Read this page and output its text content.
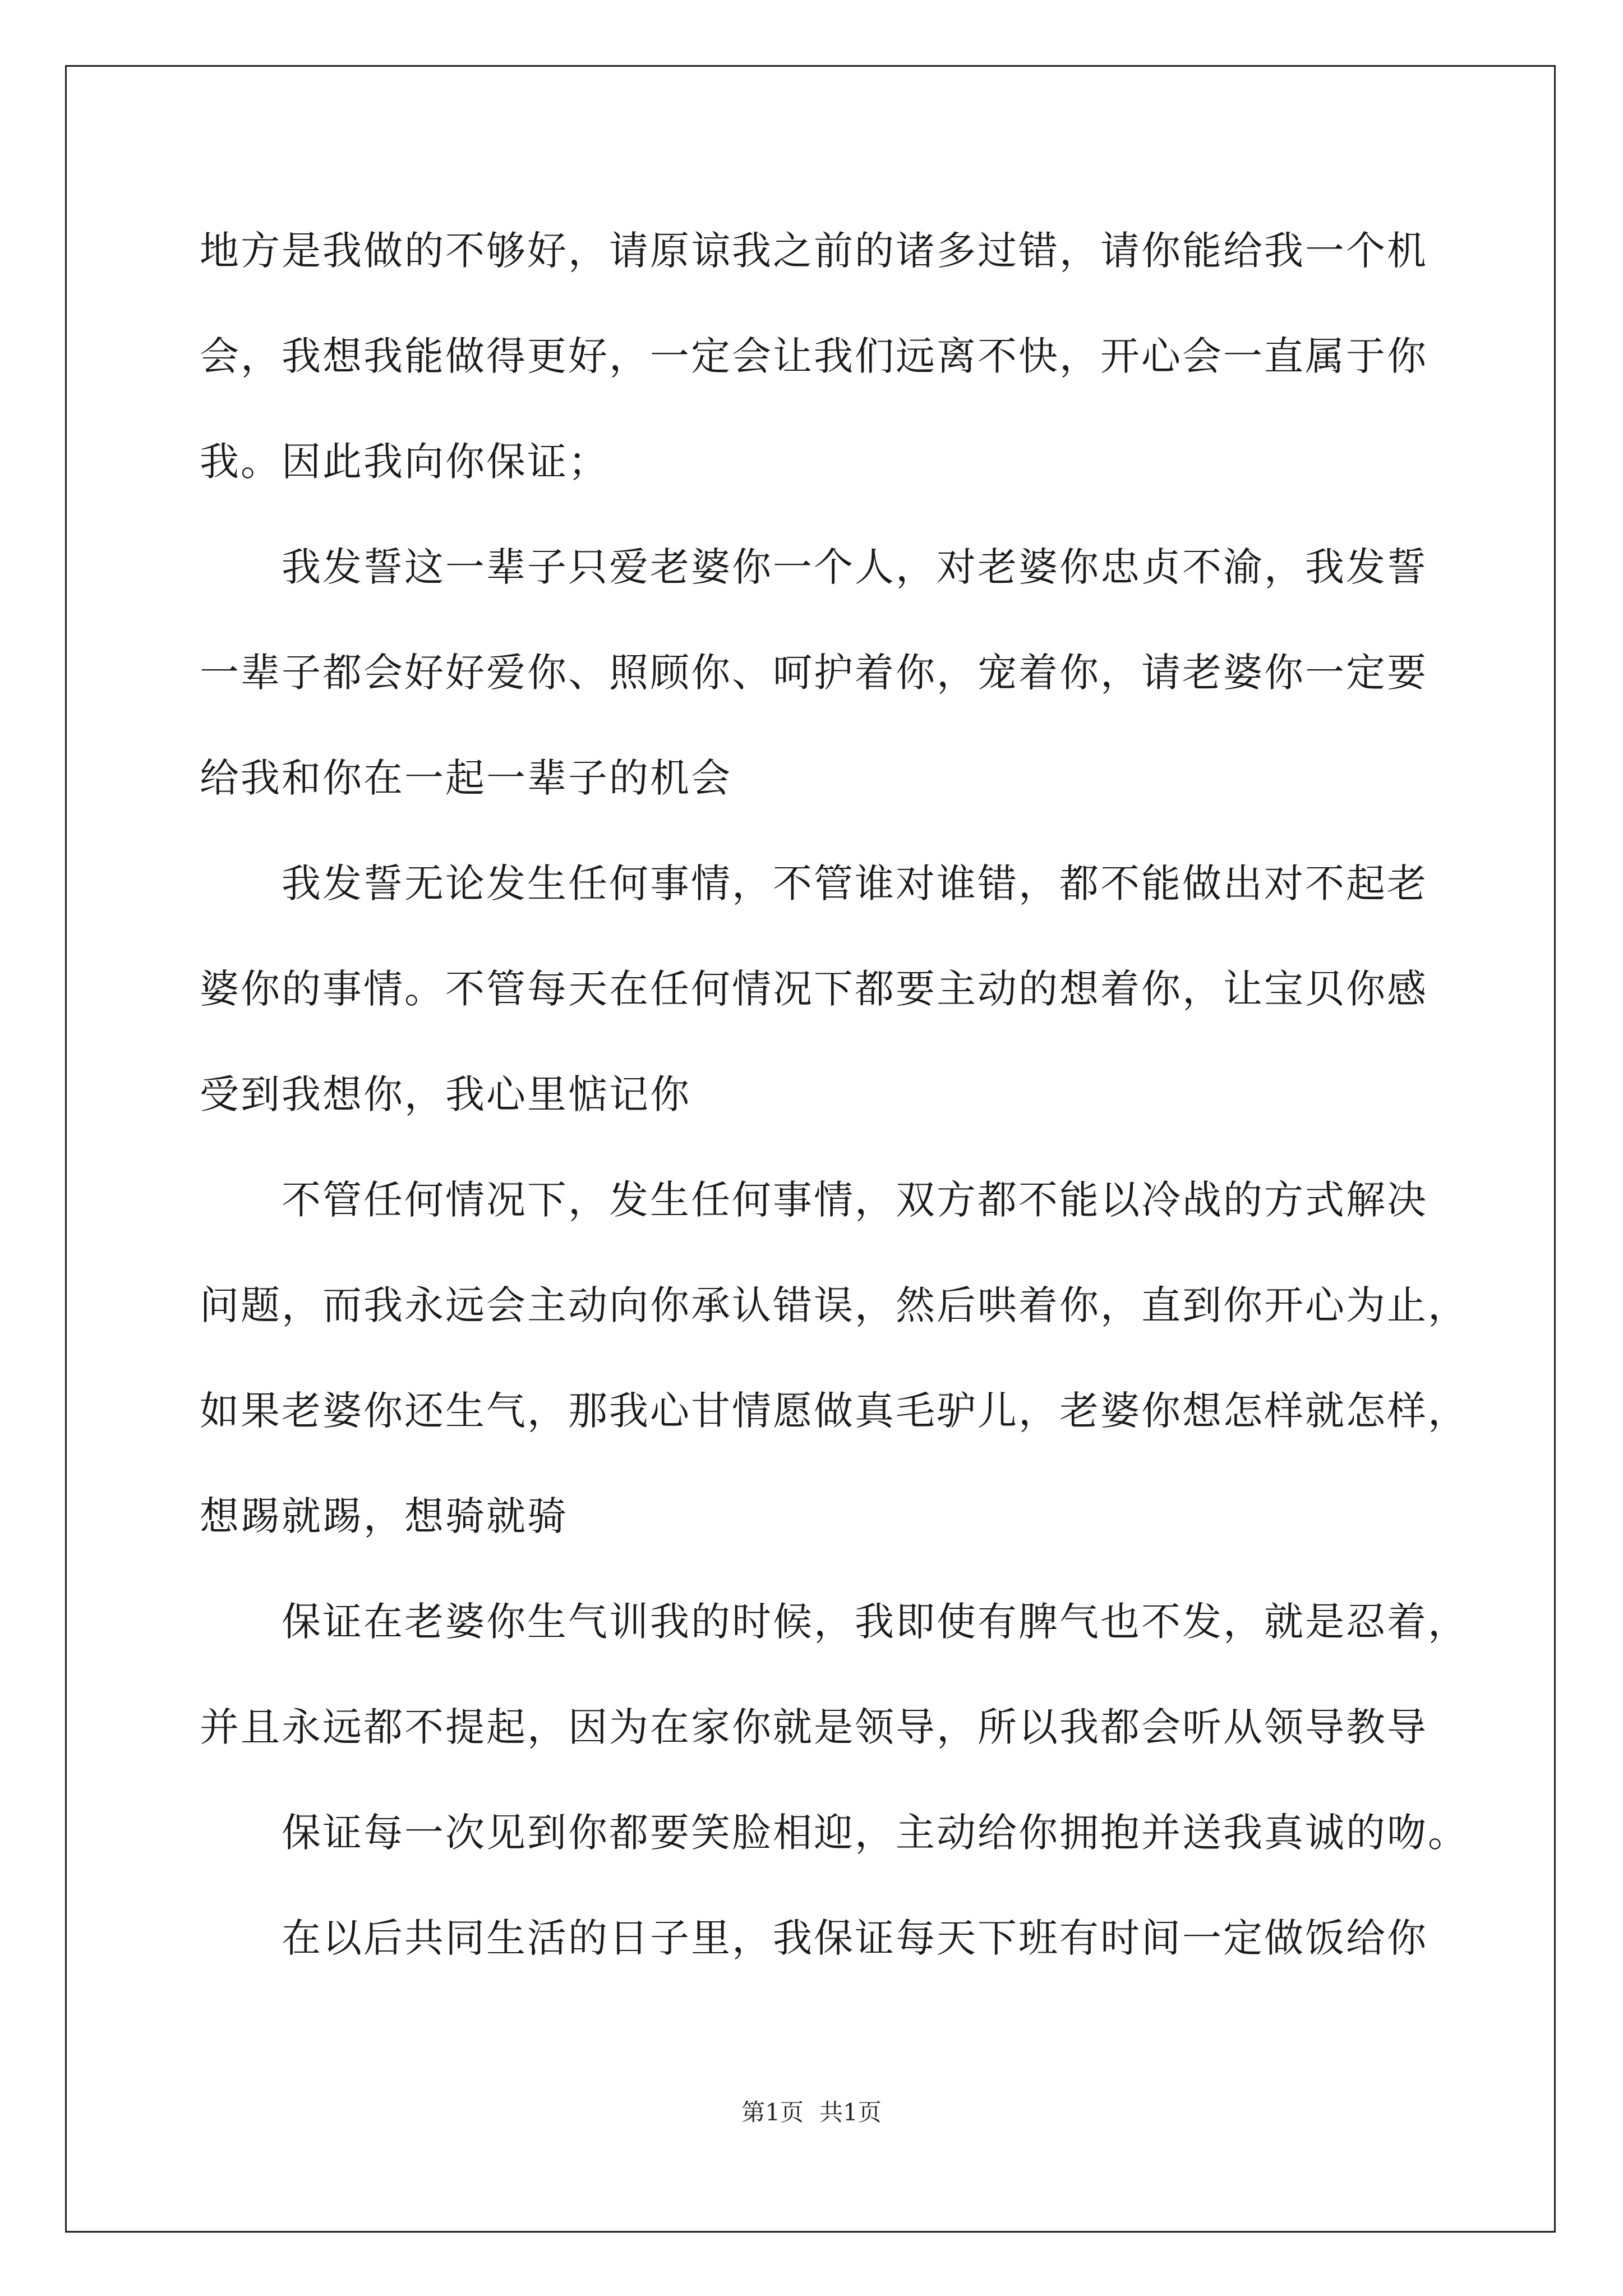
地方是我做的不够好，请原谅我之前的诸多过错，请你能给我一个机
会，我想我能做得更好，一定会让我们远离不快，开心会一直属于你
我。因此我向你保证；
我发誓这一辈子只爱老婆你一个人，对老婆你忠贞不渝，我发誓
一辈子都会好好爱你、照顾你、呵护着你，宠着你，请老婆你一定要
给我和你在一起一辈子的机会
我发誓无论发生任何事情，不管谁对谁错，都不能做出对不起老
婆你的事情。不管每天在任何情况下都要主动的想着你，让宝贝你感
受到我想你，我心里惦记你
不管任何情况下，发生任何事情，双方都不能以冷战的方式解决
问题，而我永远会主动向你承认错误，然后哄着你，直到你开心为止，
如果老婆你还生气，那我心甘情愿做真毛驴儿，老婆你想怎样就怎样，
想踢就踢，想骑就骑
保证在老婆你生气训我的时候，我即使有脾气也不发，就是忍着，
并且永远都不提起，因为在家你就是领导，所以我都会听从领导教导
保证每一次见到你都要笑脸相迎，主动给你拥抱并送我真诚的吻。
在以后共同生活的日子里，我保证每天下班有时间一定做饭给你
第1页 共1页
